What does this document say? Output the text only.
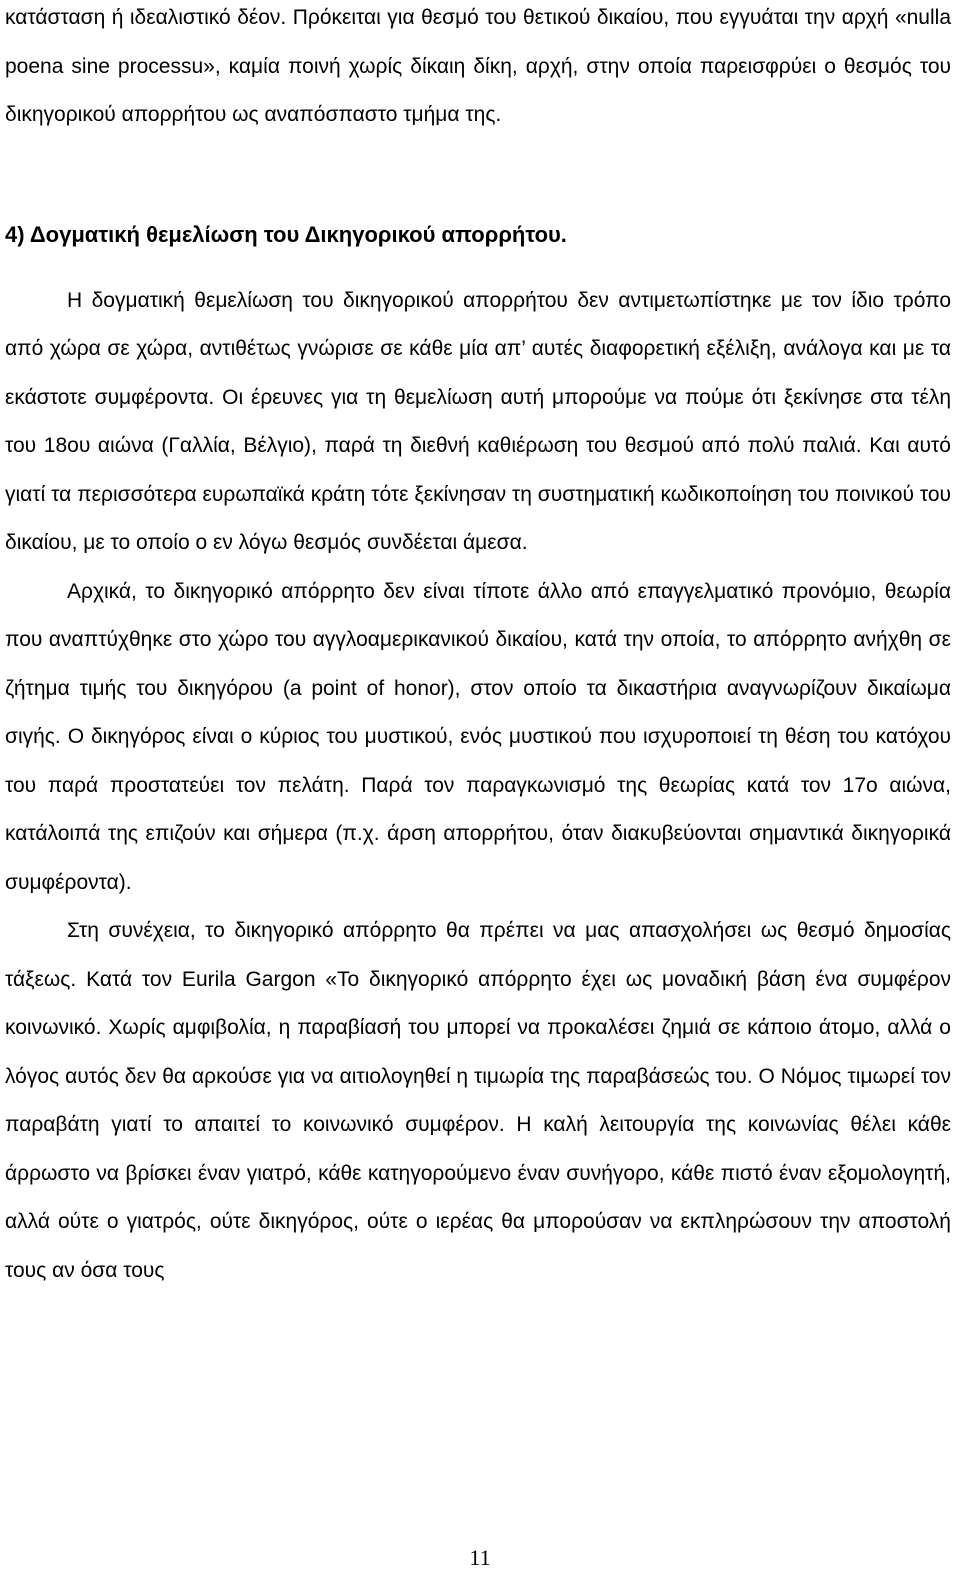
κατάσταση ή ιδεαλιστικό δέον. Πρόκειται για θεσμό του θετικού δικαίου, που εγγυάται την αρχή «nulla poena sine processu», καμία ποινή χωρίς δίκαιη δίκη, αρχή, στην οποία παρεισφρύει ο θεσμός του δικηγορικού απορρήτου ως αναπόσπαστο τμήμα της.

4) Δογματική θεμελίωση του Δικηγορικού απορρήτου.

Η δογματική θεμελίωση του δικηγορικού απορρήτου δεν αντιμετωπίστηκε με τον ίδιο τρόπο από χώρα σε χώρα, αντιθέτως γνώρισε σε κάθε μία απ’ αυτές διαφορετική εξέλιξη, ανάλογα και με τα εκάστοτε συμφέροντα. Οι έρευνες για τη θεμελίωση αυτή μπορούμε να πούμε ότι ξεκίνησε στα τέλη του 18ου αιώνα (Γαλλία, Βέλγιο), παρά τη διεθνή καθιέρωση του θεσμού από πολύ παλιά. Και αυτό γιατί τα περισσότερα ευρωπαϊκά κράτη τότε ξεκίνησαν τη συστηματική κωδικοποίηση του ποινικού του δικαίου, με το οποίο ο εν λόγω θεσμός συνδέεται άμεσα.

Αρχικά, το δικηγορικό απόρρητο δεν είναι τίποτε άλλο από επαγγελματικό προνόμιο, θεωρία που αναπτύχθηκε στο χώρο του αγγλοαμερικανικού δικαίου, κατά την οποία, το απόρρητο ανήχθη σε ζήτημα τιμής του δικηγόρου (a point of honor), στον οποίο τα δικαστήρια αναγνωρίζουν δικαίωμα σιγής. Ο δικηγόρος είναι ο κύριος του μυστικού, ενός μυστικού που ισχυροποιεί τη θέση του κατόχου του παρά προστατεύει τον πελάτη. Παρά τον παραγκωνισμό της θεωρίας κατά τον 17ο αιώνα, κατάλοιπά της επιζούν και σήμερα (π.χ. άρση απορρήτου, όταν διακυβεύονται σημαντικά δικηγορικά συμφέροντα).

Στη συνέχεια, το δικηγορικό απόρρητο θα πρέπει να μας απασχολήσει ως θεσμό δημοσίας τάξεως. Κατά τον Eurila Gargon «Το δικηγορικό απόρρητο έχει ως μοναδική βάση ένα συμφέρον κοινωνικό. Χωρίς αμφιβολία, η παραβίασή του μπορεί να προκαλέσει ζημιά σε κάποιο άτομο, αλλά ο λόγος αυτός δεν θα αρκούσε για να αιτιολογηθεί η τιμωρία της παραβάσεώς του. Ο Νόμος τιμωρεί τον παραβάτη γιατί το απαιτεί το κοινωνικό συμφέρον. Η καλή λειτουργία της κοινωνίας θέλει κάθε άρρωστο να βρίσκει έναν γιατρό, κάθε κατηγορούμενο έναν συνήγορο, κάθε πιστό έναν εξομολογητή, αλλά ούτε ο γιατρός, ούτε δικηγόρος, ούτε ο ιερέας θα μπορούσαν να εκπληρώσουν την αποστολή τους αν όσα τους

11
